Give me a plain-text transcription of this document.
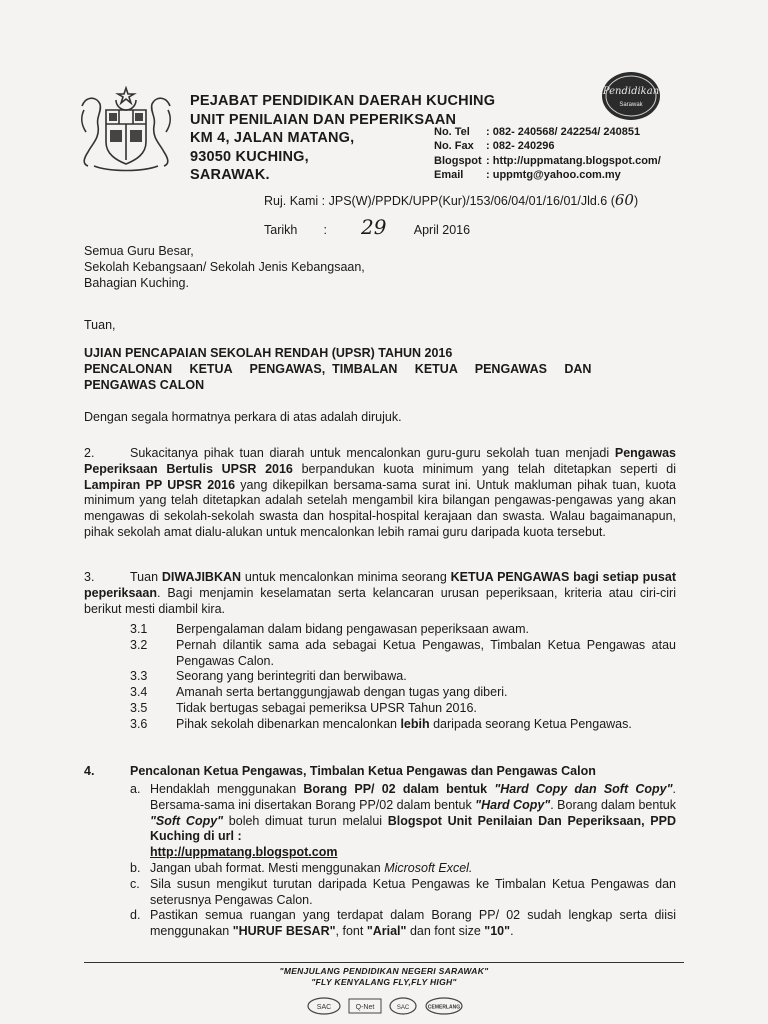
PEJABAT PENDIDIKAN DAERAH KUCHING
UNIT PENILAIAN DAN PEPERIKSAAN
KM 4, JALAN MATANG,
93050 KUCHING,
SARAWAK.
No. Tel	: 082- 240568/ 242254/ 240851
No. Fax	: 082- 240296
Blogspot : http://uppmatang.blogspot.com/
Email	: uppmtg@yahoo.com.my
Pendidikan
Sarawak
Ruj. Kami : JPS(W)/PPDK/UPP(Kur)/153/06/04/01/16/01/Jld.6 (60)
Tarikh : 29 April 2016
Semua Guru Besar,
Sekolah Kebangsaan/ Sekolah Jenis Kebangsaan,
Bahagian Kuching.
Tuan,
UJIAN PENCAPAIAN SEKOLAH RENDAH (UPSR) TAHUN 2016
PENCALONAN     KETUA     PENGAWAS,  TIMBALAN     KETUA     PENGAWAS     DAN
PENGAWAS CALON
Dengan segala hormatnya perkara di atas adalah dirujuk.
2.	Sukacitanya pihak tuan diarah untuk mencalonkan guru-guru sekolah tuan menjadi Pengawas Peperiksaan Bertulis UPSR 2016 berpandukan kuota minimum yang telah ditetapkan seperti di Lampiran PP UPSR 2016 yang dikepilkan bersama-sama surat ini. Untuk makluman pihak tuan, kuota minimum yang telah ditetapkan adalah setelah mengambil kira bilangan pengawas-pengawas yang akan mengawas di sekolah-sekolah swasta dan hospital-hospital kerajaan dan swasta. Walau bagaimanapun, pihak sekolah amat dialu-alukan untuk mencalonkan lebih ramai guru daripada kuota tersebut.
3.	Tuan DIWAJIBKAN untuk mencalonkan minima seorang KETUA PENGAWAS bagi setiap pusat peperiksaan. Bagi menjamin keselamatan serta kelancaran urusan peperiksaan, kriteria atau ciri-ciri berikut mesti diambil kira.
3.1	Berpengalaman dalam bidang pengawasan peperiksaan awam.
3.2	Pernah dilantik sama ada sebagai Ketua Pengawas, Timbalan Ketua Pengawas atau Pengawas Calon.
3.3	Seorang yang berintegriti dan berwibawa.
3.4	Amanah serta bertanggungjawab dengan tugas yang diberi.
3.5	Tidak bertugas sebagai pemeriksa UPSR Tahun 2016.
3.6	Pihak sekolah dibenarkan mencalonkan lebih daripada seorang Ketua Pengawas.
4.	Pencalonan Ketua Pengawas, Timbalan Ketua Pengawas dan Pengawas Calon
a. Hendaklah menggunakan Borang PP/ 02 dalam bentuk "Hard Copy dan Soft Copy". Bersama-sama ini disertakan Borang PP/02 dalam bentuk "Hard Copy". Borang dalam bentuk "Soft Copy" boleh dimuat turun melalui Blogspot Unit Penilaian Dan Peperiksaan, PPD Kuching di url :
http://uppmatang.blogspot.com
b. Jangan ubah format. Mesti menggunakan Microsoft Excel.
c. Sila susun mengikut turutan daripada Ketua Pengawas ke Timbalan Ketua Pengawas dan seterusnya Pengawas Calon.
d. Pastikan semua ruangan yang terdapat dalam Borang PP/ 02 sudah lengkap serta diisi menggunakan "HURUF BESAR", font "Arial" dan font size "10".
"MENJULANG PENDIDIKAN NEGERI SARAWAK"
"FLY KENYALANG FLY,FLY HIGH"
SAC	Q-Net	SAC	CEMERLANG
